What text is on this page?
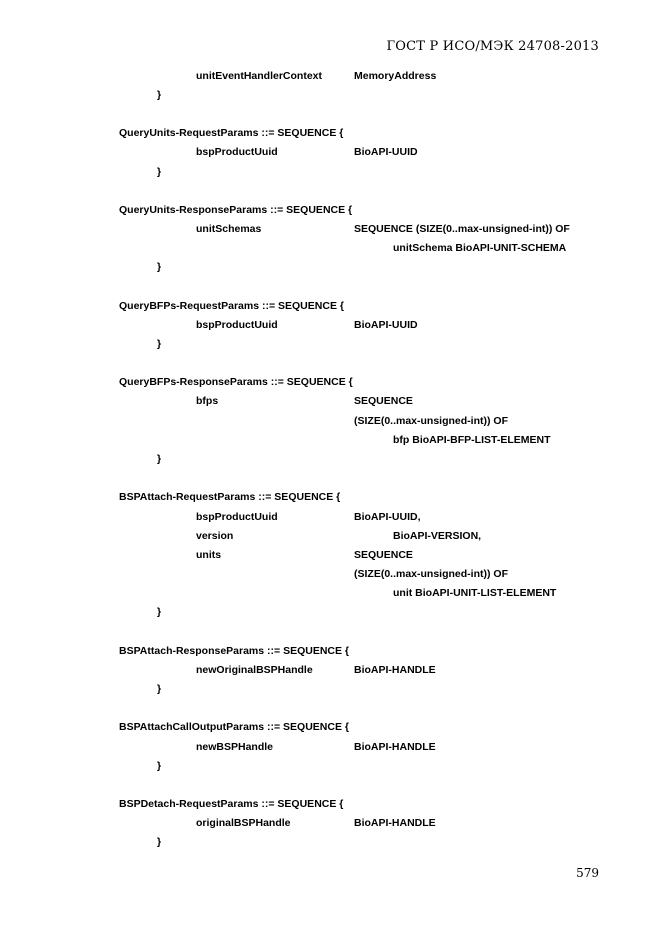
ГОСТ Р ИСО/МЭК 24708-2013
unitEventHandlerContext	MemoryAddress
}
QueryUnits-RequestParams ::= SEQUENCE {
bspProductUuid	BioAPI-UUID
}
QueryUnits-ResponseParams ::= SEQUENCE {
unitSchemas	SEQUENCE (SIZE(0..max-unsigned-int)) OF
unitSchema BioAPI-UNIT-SCHEMA
}
QueryBFPs-RequestParams ::= SEQUENCE {
bspProductUuid	BioAPI-UUID
}
QueryBFPs-ResponseParams ::= SEQUENCE {
bfps	SEQUENCE
(SIZE(0..max-unsigned-int)) OF
bfp BioAPI-BFP-LIST-ELEMENT
}
BSPAttach-RequestParams ::= SEQUENCE {
bspProductUuid	BioAPI-UUID,
version	BioAPI-VERSION,
units	SEQUENCE
(SIZE(0..max-unsigned-int)) OF
unit BioAPI-UNIT-LIST-ELEMENT
}
BSPAttach-ResponseParams ::= SEQUENCE {
newOriginalBSPHandle	BioAPI-HANDLE
}
BSPAttachCallOutputParams ::= SEQUENCE {
newBSPHandle	BioAPI-HANDLE
}
BSPDetach-RequestParams ::= SEQUENCE {
originalBSPHandle	BioAPI-HANDLE
}
579
